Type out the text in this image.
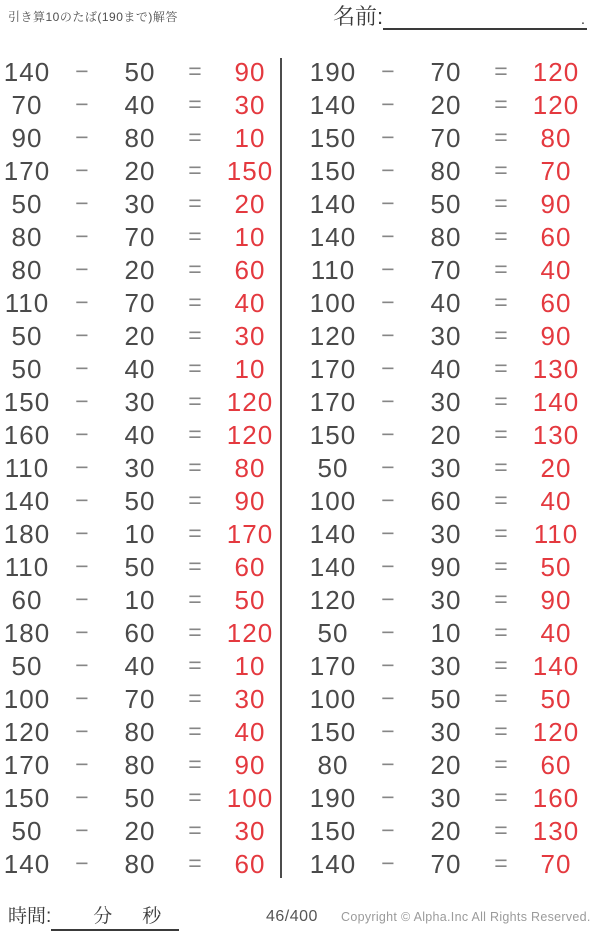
引き算10のたば(190まで)解答	名前:	.
140	−	50	=	90
70	−	40	=	30
90	−	80	=	10
170	−	20	= 150
50	−	30	=	20
80	−	70	=	10
80	−	20	=	60
110	−	70	=	40
50	−	20	=	30
50	−	40	=	10
150	−	30	= 120
160	−	40	= 120
110	−	30	=	80
140	−	50	=	90
180	−	10	= 170
110	−	50	=	60
60	−	10	=	50
180	−	60	= 120
50	−	40	=	10
100	−	70	=	30
120	−	80	=	40
170	−	80	=	90
150	−	50	= 100
50	−	20	=	30
140	−	80	=	60
190	−	70	= 120
140	−	20	= 120
150	−	70	=	80
150	−	80	=	70
140	−	50	=	90
140	−	80	=	60
110	−	70	=	40
100	−	40	=	60
120	−	30	=	90
170	−	40	= 130
170	−	30	= 140
150	−	20	= 130
50	−	30	=	20
100	−	60	=	40
140	−	30	=	110
140	−	90	=	50
120	−	30	=	90
50	−	10	=	40
170	−	30	= 140
100	−	50	=	50
150	−	30	= 120
80	−	20	=	60
190	−	30	= 160
150	−	20	= 130
140	−	70	=	70
時間: 分 秒	46/400 Copyright © Alpha.Inc All Rights Reserved.
